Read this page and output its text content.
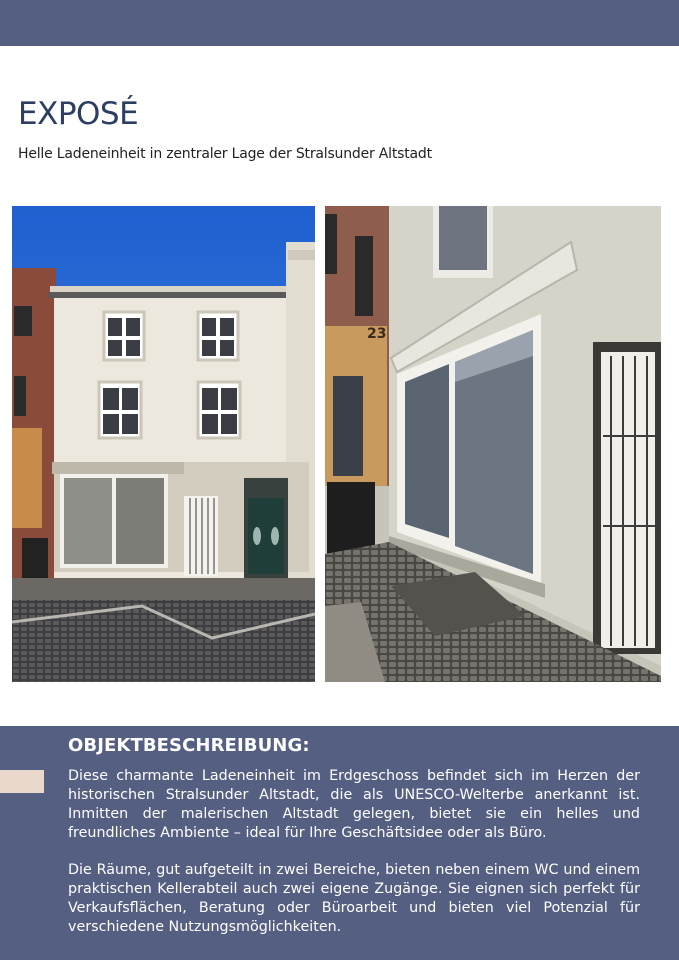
EXPOSÉ
Helle Ladeneinheit in zentraler Lage der Stralsunder Altstadt
23
OBJEKTBESCHREIBUNG:

Diese charmante Ladeneinheit im Erdgeschoss befindet sich im Herzen der historischen Stralsunder Altstadt, die als UNESCO-Welterbe anerkannt ist. Inmitten der malerischen Altstadt gelegen, bietet sie ein helles und freundliches Ambiente – ideal für Ihre Geschäftsidee oder als Büro.

Die Räume, gut aufgeteilt in zwei Bereiche, bieten neben einem WC und einem praktischen Kellerabteil auch zwei eigene Zugänge. Sie eignen sich perfekt für Verkaufsflächen, Beratung oder Büroarbeit und bieten viel Potenzial für verschiedene Nutzungsmöglichkeiten.
